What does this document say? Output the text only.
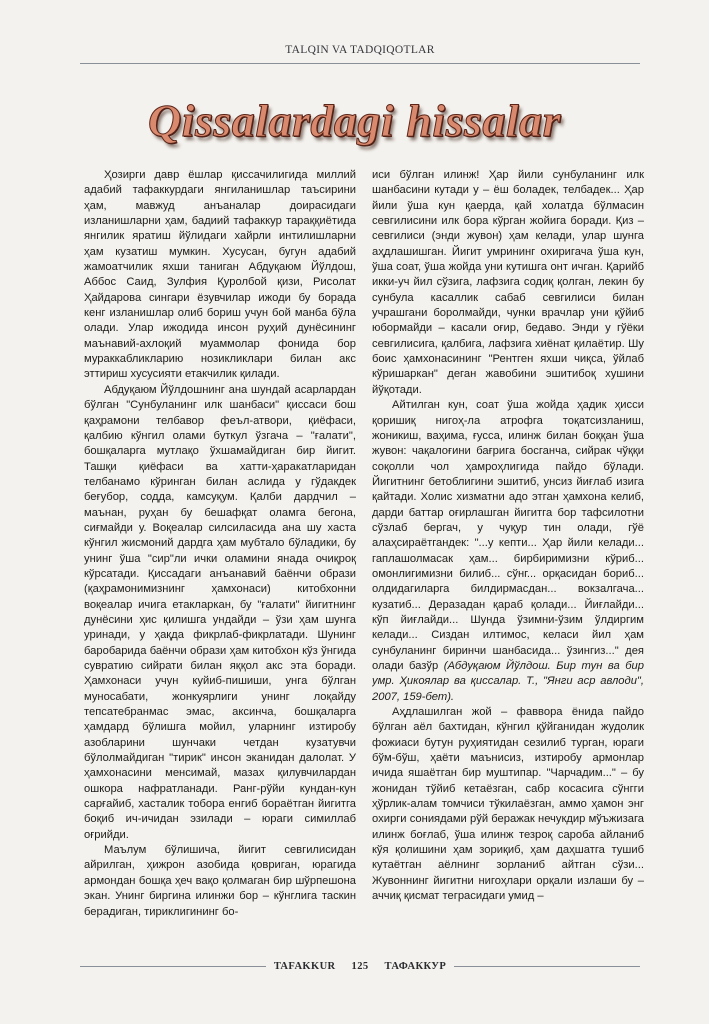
TALQIN VA TADQIQOTLAR
Qissalardagi hissalar

Ҳозирги давр ёшлар қиссачилигида миллий адабий тафаккурдаги янгиланишлар таъсирини ҳам, мавжуд анъаналар доирасидаги изланишларни ҳам, бадиий тафаккур тараққиётида янгилик яратиш йўлидаги хайрли интилишларни ҳам кузатиш мумкин. Хусусан, бугун адабий жамоатчилик яхши таниган Абдуқаюм Йўлдош, Аббос Саид, Зулфия Қуролбой қизи, Рисолат Ҳайдарова сингари ёзувчилар ижоди бу борада кенг изланишлар олиб бориш учун бой манба бўла олади. Улар ижодида инсон руҳий дунёсининг маънавий-ахлоқий муаммолар фонида бор мураккабликларию нозикликлари билан акс эттириш хусусияти етакчилик қилади.

Абдуқаюм Йўлдошнинг ана шундай асарлардан бўлган "Сунбуланинг илк шанбаси" қиссаси бош қаҳрамони телбавор феъл-атвори, қиёфаси, қалбию кўнгил олами буткул ўзгача – "ғалати", бошқаларга мутлақо ўхшамайдиган бир йигит. Ташқи қиёфаси ва хатти-ҳаракатларидан телбанамо кўринган билан аслида у гўдакдек беғубор, содда, камсуқум. Қалби дардчил – маънан, руҳан бу бешафқат оламга бегона, сиғмайди у. Воқеалар силсиласида ана шу хаста кўнгил жисмоний дардга ҳам мубтало бўладики, бу унинг ўша "сир"ли ички оламини янада очиқроқ кўрсатади. Қиссадаги анъанавий баёнчи образи (қаҳрамонимизнинг ҳамхонаси) китобхонни воқеалар ичига етакларкан, бу "ғалати" йигитнинг дунёсини ҳис қилишга ундайди – ўзи ҳам шунга уринади, у ҳақда фикрлаб-фикрлатади. Шунинг баробарида баёнчи образи ҳам китобхон кўз ўнгида сувратию сийрати билан яққол акс эта боради. Ҳамхонаси учун куйиб-пишиши, унга бўлган муносабати, жонкуярлиги унинг лоқайду тепсатебранмас эмас, аксинча, бошқаларга ҳамдард бўлишга мойил, уларнинг изтиробу азобларини шунчаки четдан кузатувчи бўлолмайдиган "тирик" инсон эканидан далолат. У ҳамхонасини менсимай, мазах қилувчилардан ошкора нафратланади. Ранг-рўйи кундан-кун сарғайиб, хасталик тобора енгиб бораётган йигитга боқиб ич-ичидан эзилади – юраги симиллаб оғрийди.

Маълум бўлишича, йигит севгилисидан айрилган, ҳижрон азобида қовриган, юрагида армондан бошқа ҳеч вақо қолмаган бир шўрпешона экан. Унинг биргина илинжи бор – кўнглига таскин берадиган, тириклигининг бо-

иси бўлган илинж! Ҳар йили сунбуланинг илк шанбасини кутади у – ёш боладек, телбадек... Ҳар йили ўша кун қаерда, қай холатда бўлмасин севгилисини илк бора кўрган жойига боради. Қиз – севгилиси (энди жувон) ҳам келади, улар шунга аҳдлашишган. Йигит умрининг охиригача ўша кун, ўша соат, ўша жойда уни кутишга онт ичган. Қарийб икки-уч йил сўзига, лафзига содиқ қолган, лекин бу сунбула касаллик сабаб севгилиси билан учрашгани боролмайди, чунки врачлар уни қўйиб юбормайди – касали оғир, бедаво. Энди у гўёки севгилисига, қалбига, лафзига хиёнат қилаётир. Шу боис ҳамхонасининг "Рентген яхши чиқса, ўйлаб кўришаркан" деган жавобини эшитибоқ хушини йўқотади.

Айтилган кун, соат ўша жойда ҳадик ҳисси қоришиқ нигоҳ-ла атрофга тоқатсизланиш, жоникиш, ваҳима, ғусса, илинж билан боққан ўша жувон: чақалоғини бағрига босганча, сийрак чўққи соқолли чол ҳамроҳлигида пайдо бўлади. Йигитнинг бетоблигини эшитиб, унсиз йиғлаб изига қайтади. Холис хизматни адо этган ҳамхона келиб, дарди баттар оғирлашган йигитга бор тафсилотни сўзлаб бергач, у чуқур тин олади, гўё алаҳсираётгандек: "...у кепти... Ҳар йили келади... гаплашолмасак ҳам... бирбиримизни кўриб... омонлигимизни билиб... сўнг... орқасидан бориб... олдидагиларга билдирмасдан... вокзалгача... кузатиб... Деразадан қараб қолади... Йиғлайди... кўп йиғлайди... Шунда ўзимни-ўзим ўлдиргим келади... Сиздан илтимос, келаси йил ҳам сунбуланинг биринчи шанбасида... ўзингиз..." дея олади базўр (Абдуқаюм Йўлдош. Бир тун ва бир умр. Ҳикоялар ва қиссалар. Т., "Янги аср авлоди", 2007, 159-бет).

Аҳдлашилган жой – фаввора ёнида пайдо бўлган аёл бахтидан, кўнгил қўйганидан жудолик фожиаси бутун руҳиятидан сезилиб турган, юраги бўм-бўш, ҳаёти маънисиз, изтиробу армонлар ичида яшаётган бир муштипар. "Чарчадим..." – бу жонидан тўйиб кетаёзган, сабр косасига сўнгги ҳўрлик-алам томчиси тўкилаёзган, аммо ҳамон энг охирги сониядами рўй беражак нечукдир мўъжизага илинж боғлаб, ўша илинж тезроқ сароба айланиб кўя қолишини ҳам зориқиб, ҳам даҳшатга тушиб кутаётган аёлнинг зорланиб айтган сўзи... Жувоннинг йигитни нигоҳлари орқали излаши бу – аччиқ қисмат теграсидаги умид –

TAFAKKUR	125	ТАФАККУР
